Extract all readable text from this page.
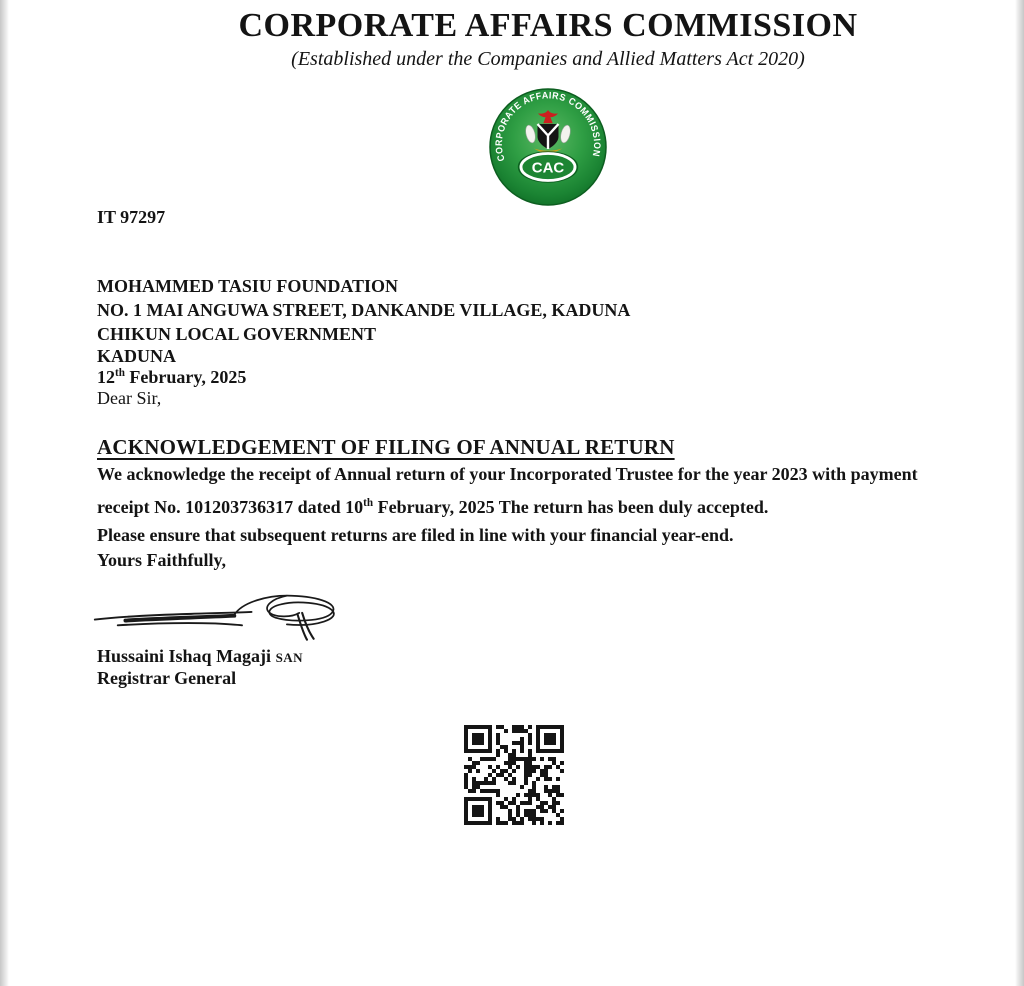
CORPORATE AFFAIRS COMMISSION
(Established under the Companies and Allied Matters Act 2020)
CORPORATE AFFAIRS COMMISSION
CAC

IT 97297

MOHAMMED TASIU FOUNDATION
NO. 1 MAI ANGUWA STREET, DANKANDE VILLAGE, KADUNA
CHIKUN LOCAL GOVERNMENT

KADUNA

12th February, 2025

Dear Sir,

ACKNOWLEDGEMENT OF FILING OF ANNUAL RETURN

We acknowledge the receipt of Annual return of your Incorporated Trustee for the year 2023 with payment receipt No. 101203736317 dated 10th February, 2025 The return has been duly accepted.

Please ensure that subsequent returns are filed in line with your financial year-end.

Yours Faithfully,

Hussaini Ishaq Magaji SAN

Registrar General
